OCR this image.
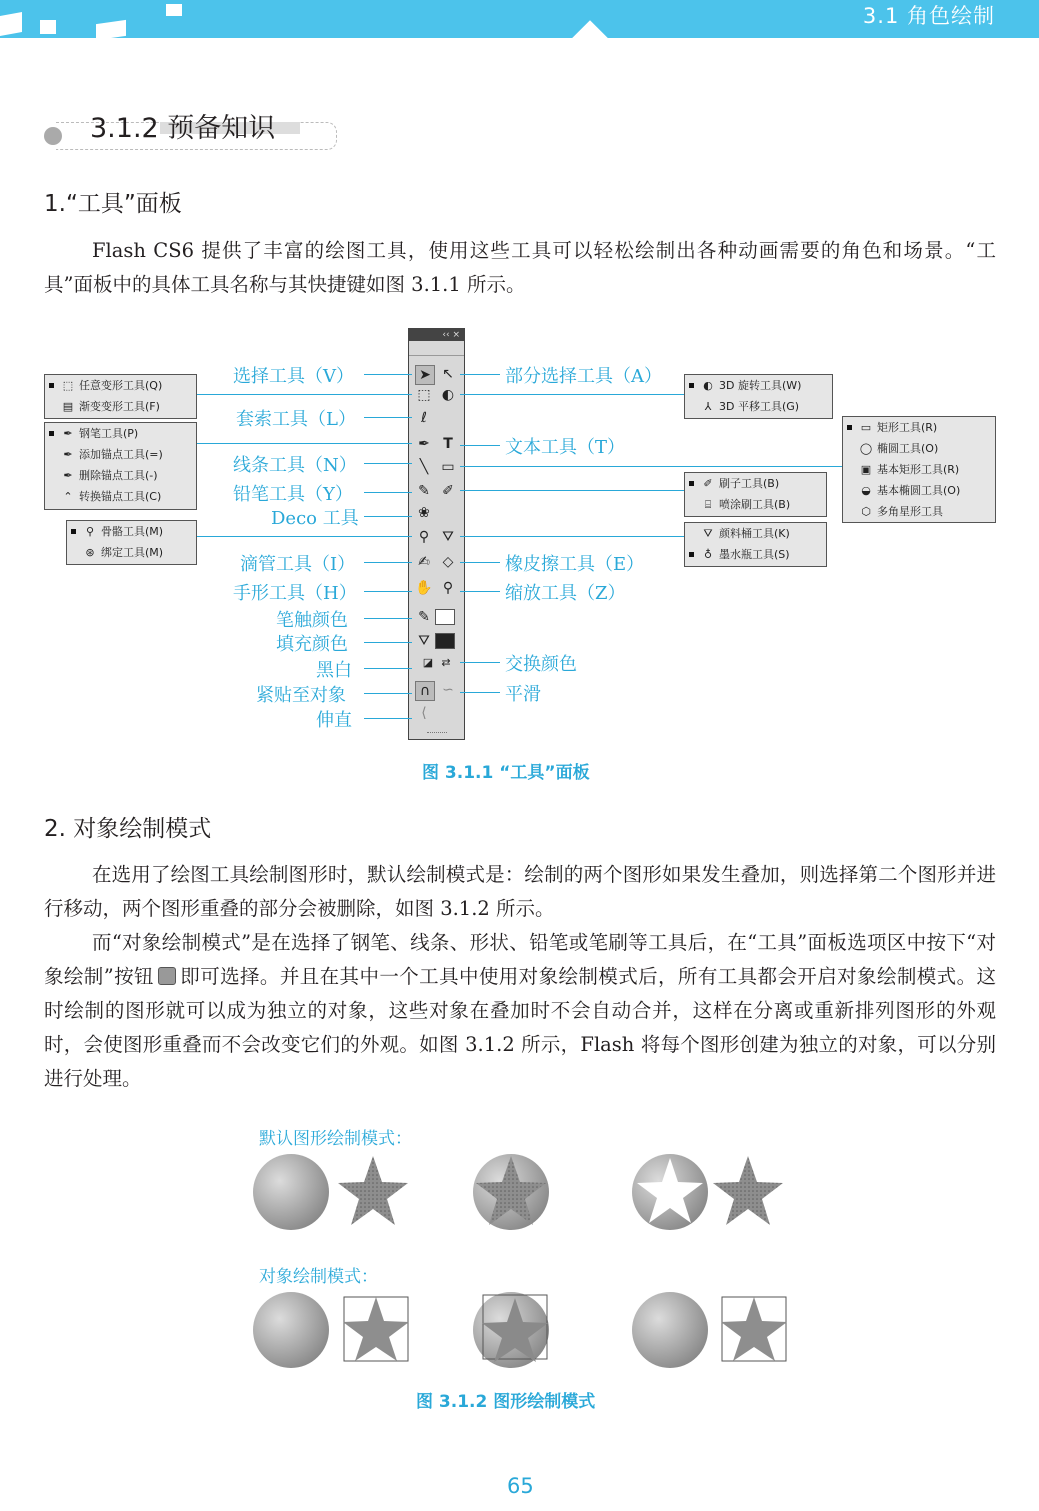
3.1 角色绘制
3.1.2 预备知识
1.“工具”面板
Flash CS6 提供了丰富的绘图工具，使用这些工具可以轻松绘制出各种动画需要的角色和场景。“工具”面板中的具体工具名称与其快捷键如图 3.1.1 所示。
‹‹ ×
➤ ↖
⬚ ◐
ℓ
✒ T
╲ ▭
✎ ✐
❀
⚲ ⛛
✍ ◇
✋ ⚲
✎
⛛
◪ ⇄
∩ ∽
⟨
选择工具（V）
套索工具（L）
线条工具（N）
铅笔工具（Y）
Deco 工具
滴管工具（I）
手形工具（H）
笔触颜色
填充颜色
黑白
紧贴至对象
伸直
部分选择工具（A）
文本工具（T）
橡皮擦工具（E）
缩放工具（Z）
交换颜色
平滑
⬚ 任意变形工具(Q)
▤ 渐变变形工具(F)
✒ 钢笔工具(P)
✒ 添加锚点工具(=)
✒ 删除锚点工具(-)
⌃ 转换锚点工具(C)
⚲ 骨骼工具(M)
⊛ 绑定工具(M)
◐ 3D 旋转工具(W)
⅄ 3D 平移工具(G)
▭ 矩形工具(R)
◯ 椭圆工具(O)
▣ 基本矩形工具(R)
◒ 基本椭圆工具(O)
⬡ 多角星形工具
✐ 刷子工具(B)
⌸ 喷涂刷工具(B)
⛛ 颜料桶工具(K)
♁ 墨水瓶工具(S)
图 3.1.1 “工具”面板
2. 对象绘制模式
在选用了绘图工具绘制图形时，默认绘制模式是：绘制的两个图形如果发生叠加，则选择第二个图形并进行移动，两个图形重叠的部分会被删除，如图 3.1.2 所示。
而“对象绘制模式”是在选择了钢笔、线条、形状、铅笔或笔刷等工具后，在“工具”面板选项区中按下“对象绘制”按钮 即可选择。并且在其中一个工具中使用对象绘制模式后，所有工具都会开启对象绘制模式。这时绘制的图形就可以成为独立的对象，这些对象在叠加时不会自动合并，这样在分离或重新排列图形的外观时，会使图形重叠而不会改变它们的外观。如图 3.1.2 所示，Flash 将每个图形创建为独立的对象，可以分别进行处理。
默认图形绘制模式：
对象绘制模式：
图 3.1.2 图形绘制模式
65
